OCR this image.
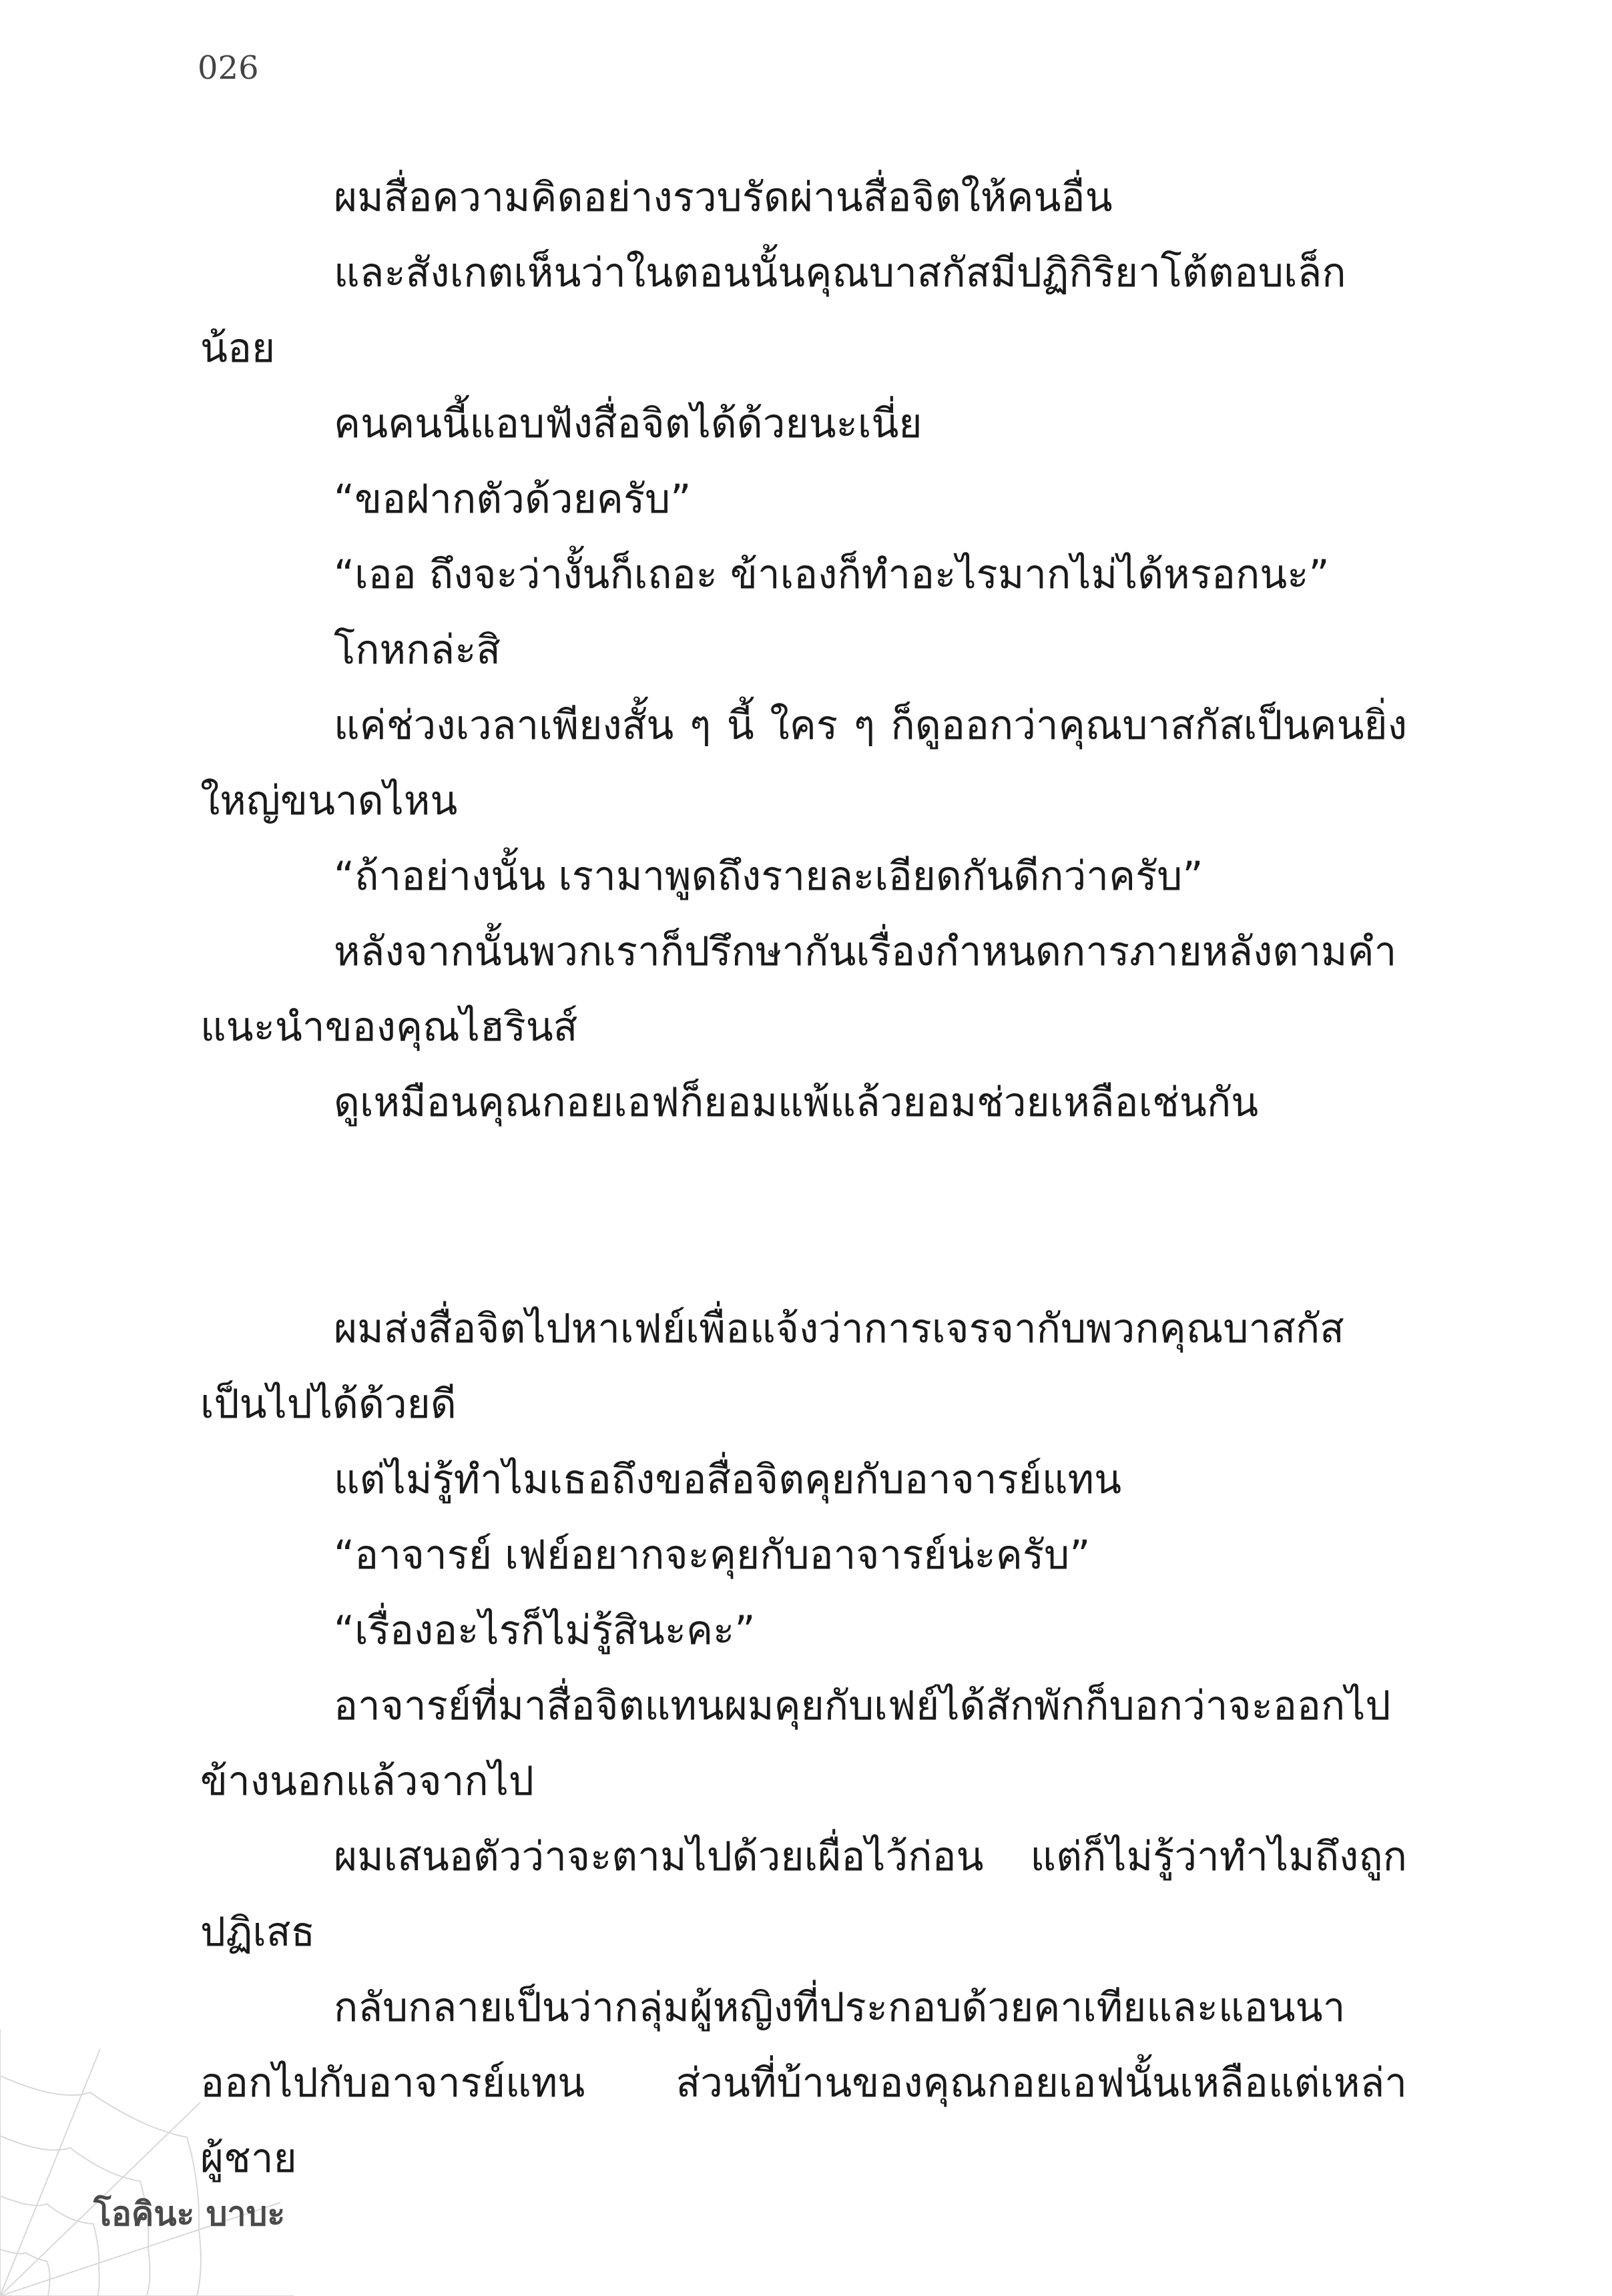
026

ผมสื่อความคิดอย่างรวบรัดผ่านสื่อจิตให้คนอื่น

และสังเกตเห็นว่าในตอนนั้นคุณบาสกัสมีปฏิกิริยาโต้ตอบเล็กน้อย

คนคนนี้แอบฟังสื่อจิตได้ด้วยนะเนี่ย

“ขอฝากตัวด้วยครับ”

“เออ ถึงจะว่างั้นก็เถอะ ข้าเองก็ทำอะไรมากไม่ได้หรอกนะ”

โกหกล่ะสิ

แค่ช่วงเวลาเพียงสั้น ๆ นี้ ใคร ๆ ก็ดูออกว่าคุณบาสกัสเป็นคนยิ่งใหญ่ขนาดไหน

“ถ้าอย่างนั้น เรามาพูดถึงรายละเอียดกันดีกว่าครับ”

หลังจากนั้นพวกเราก็ปรึกษากันเรื่องกำหนดการภายหลังตามคำแนะนำของคุณไฮรินส์

ดูเหมือนคุณกอยเอฟก็ยอมแพ้แล้วยอมช่วยเหลือเช่นกัน

ผมส่งสื่อจิตไปหาเฟย์เพื่อแจ้งว่าการเจรจากับพวกคุณบาสกัสเป็นไปได้ด้วยดี

แต่ไม่รู้ทำไมเธอถึงขอสื่อจิตคุยกับอาจารย์แทน

“อาจารย์ เฟย์อยากจะคุยกับอาจารย์น่ะครับ”

“เรื่องอะไรก็ไม่รู้สินะคะ”

อาจารย์ที่มาสื่อจิตแทนผมคุยกับเฟย์ได้สักพักก็บอกว่าจะออกไปข้างนอกแล้วจากไป

ผมเสนอตัวว่าจะตามไปด้วยเผื่อไว้ก่อน แต่ก็ไม่รู้ว่าทำไมถึงถูกปฏิเสธ

กลับกลายเป็นว่ากลุ่มผู้หญิงที่ประกอบด้วยคาเทียและแอนนาออกไปกับอาจารย์แทน ส่วนที่บ้านของคุณกอยเอฟนั้นเหลือแต่เหล่าผู้ชาย

โอคินะ บาบะ
